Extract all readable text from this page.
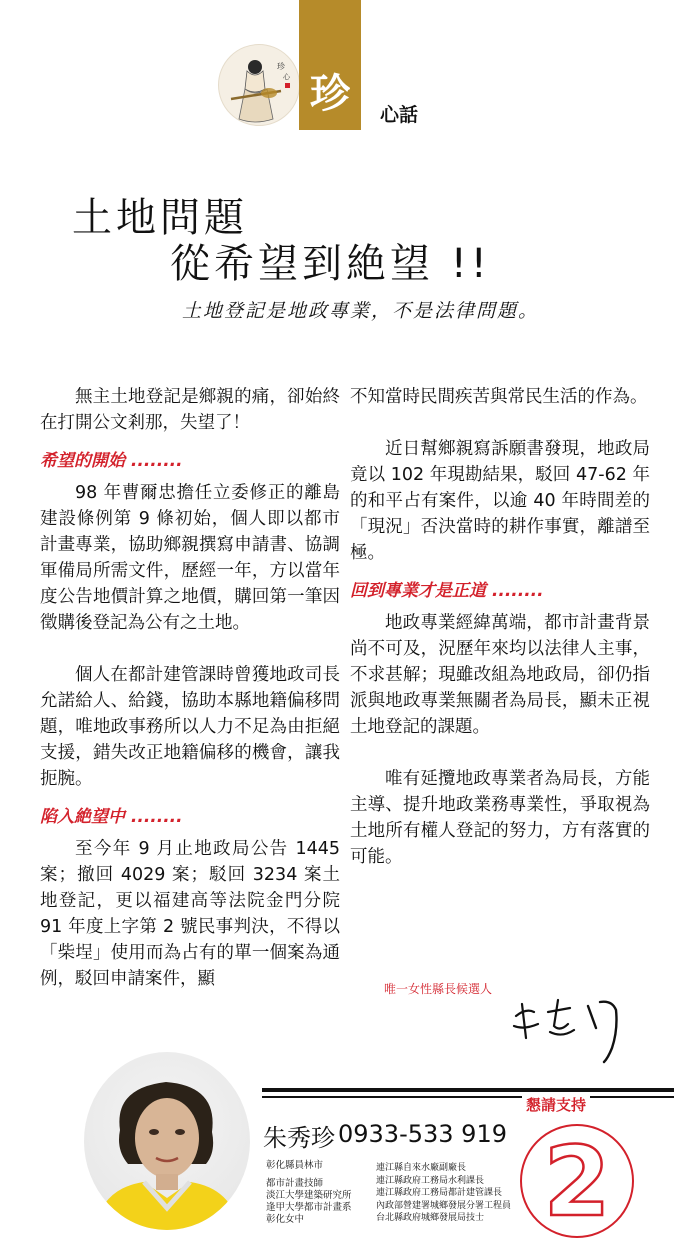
珍
心 珍	心話
土地問題
從希望到絶望 !!
土地登記是地政專業，不是法律問題。

無主土地登記是鄉親的痛，卻始終在打開公文剎那，失望了！

希望的開始 ........

98 年曹爾忠擔任立委修正的離島建設條例第 9 條初始，個人即以都市計畫專業，協助鄉親撰寫申請書、協調軍備局所需文件，歷經一年，方以當年度公告地價計算之地價，購回第一筆因徵購後登記為公有之土地。

個人在都計建管課時曾獲地政司長允諾給人、給錢，協助本縣地籍偏移問題，唯地政事務所以人力不足為由拒絕支援，錯失改正地籍偏移的機會，讓我扼腕。

陷入絶望中 ........

至今年 9 月止地政局公告 1445 案；撤回 4029 案；駁回 3234 案土地登記，更以福建高等法院金門分院 91 年度上字第 2 號民事判決，不得以「柴埕」使用而為占有的單一個案為通例，駁回申請案件，顯

不知當時民間疾苦與常民生活的作為。

近日幫鄉親寫訴願書發現，地政局竟以 102 年現勘結果，駁回 47-62 年的和平占有案件，以逾 40 年時間差的「現況」否決當時的耕作事實，離譜至極。

回到專業才是正道 ........

地政專業經緯萬端，都市計畫背景尚不可及，況歷年來均以法律人主事，不求甚解；現雖改組為地政局，卻仍指派與地政專業無關者為局長，顯未正視土地登記的課題。

唯有延攬地政專業者為局長，方能主導、提升地政業務專業性，爭取視為土地所有權人登記的努力，方有落實的可能。

唯一女性縣長候選人
懇請支持
朱秀珍 0933-533 919
彰化縣員林市
都市計畫技師
淡江大學建築研究所
逢甲大學都市計畫系
彰化女中
連江縣自來水廠副廠長
連江縣政府工務局水利課長
連江縣政府工務局都計建管課長
內政部營建署城鄉發展分署工程員
台北縣政府城鄉發展局技士 2
